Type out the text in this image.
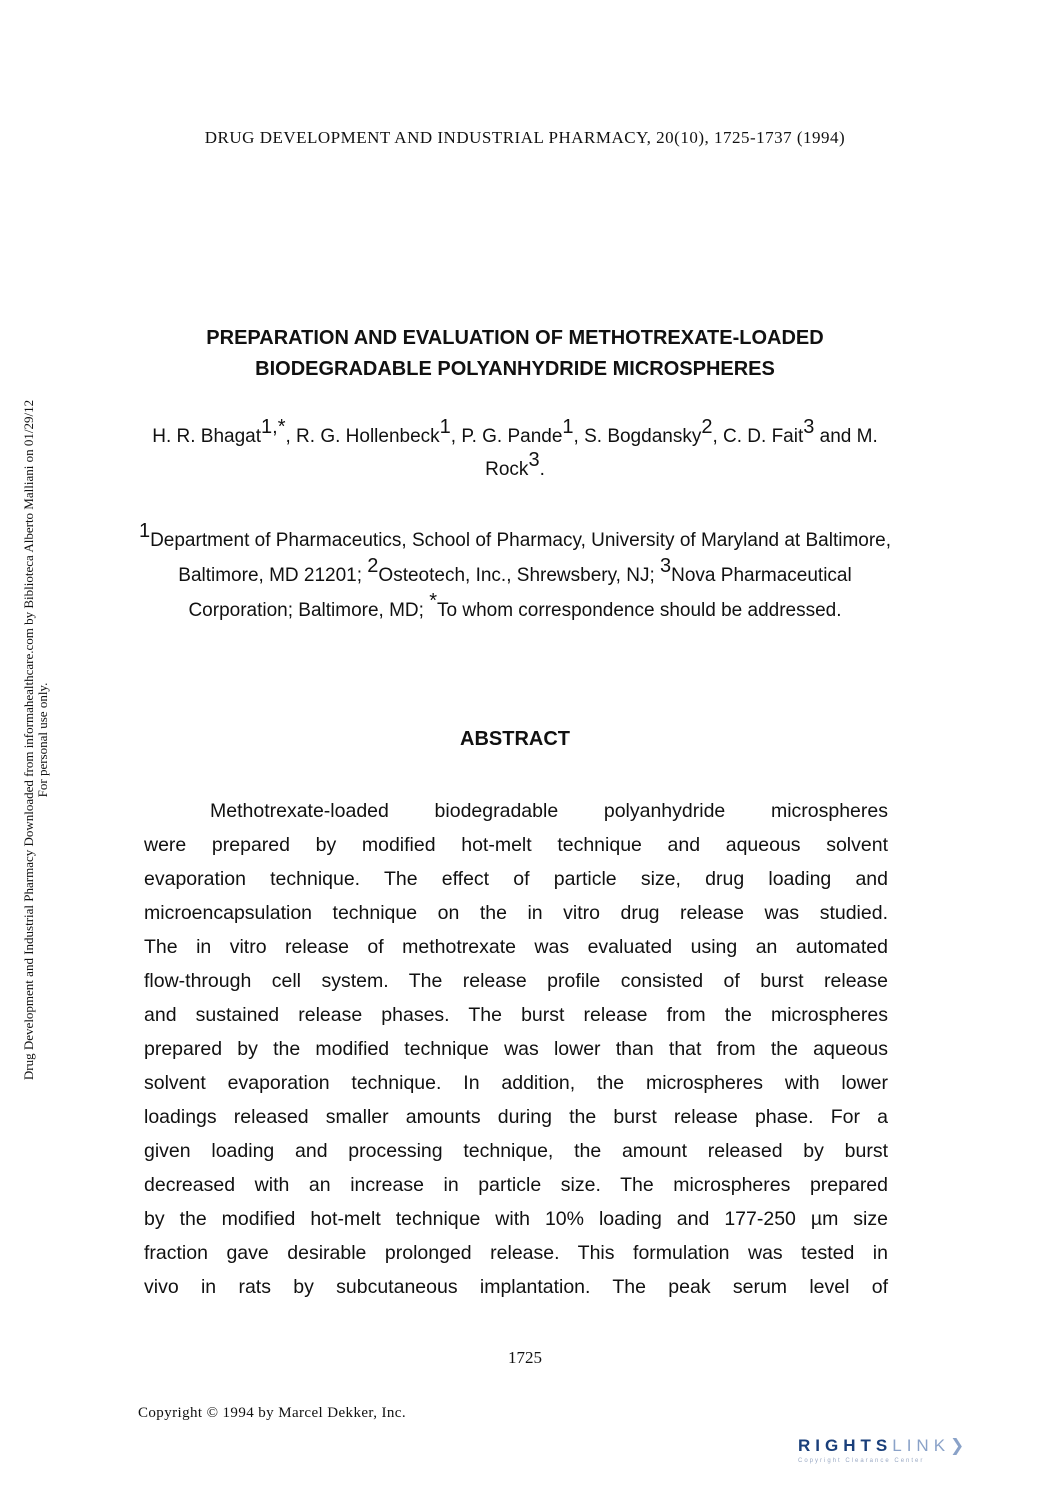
DRUG DEVELOPMENT AND INDUSTRIAL PHARMACY, 20(10), 1725-1737 (1994)
Drug Development and Industrial Pharmacy Downloaded from informahealthcare.com by Biblioteca Alberto Malliani on 01/29/12 For personal use only.
PREPARATION AND EVALUATION OF METHOTREXATE-LOADED
BIODEGRADABLE POLYANHYDRIDE MICROSPHERES
H. R. Bhagat1,*, R. G. Hollenbeck1, P. G. Pande1, S. Bogdansky2, C. D. Fait3 and M. Rock3.
1Department of Pharmaceutics, School of Pharmacy, University of Maryland at Baltimore, Baltimore, MD 21201; 2Osteotech, Inc., Shrewsbery, NJ; 3Nova Pharmaceutical Corporation; Baltimore, MD; *To whom correspondence should be addressed.
ABSTRACT
Methotrexate-loaded biodegradable polyanhydride microspheres
were prepared by modified hot-melt technique and aqueous solvent
evaporation technique. The effect of particle size, drug loading and
microencapsulation technique on the in vitro drug release was studied.
The in vitro release of methotrexate was evaluated using an automated
flow-through cell system. The release profile consisted of burst release
and sustained release phases. The burst release from the microspheres
prepared by the modified technique was lower than that from the aqueous
solvent evaporation technique. In addition, the microspheres with lower
loadings released smaller amounts during the burst release phase. For a
given loading and processing technique, the amount released by burst
decreased with an increase in particle size. The microspheres prepared
by the modified hot-melt technique with 10% loading and 177-250 µm size
fraction gave desirable prolonged release. This formulation was tested in
vivo in rats by subcutaneous implantation. The peak serum level of
1725
Copyright © 1994 by Marcel Dekker, Inc.
RIGHTSLINK❯
Copyright Clearance Center
